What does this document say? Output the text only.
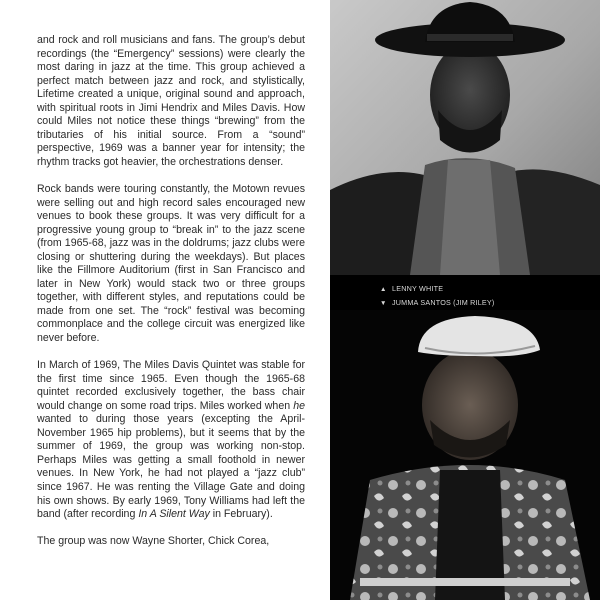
and rock and roll musicians and fans. The group’s debut recordings (the “Emergency” sessions) were clearly the most daring in jazz at the time. This group achieved a perfect match between jazz and rock, and stylistically, Lifetime created a unique, original sound and approach, with spiritual roots in Jimi Hendrix and Miles Davis. How could Miles not notice these things “brewing” from the tributaries of his initial source. From a “sound” perspective, 1969 was a banner year for intensity; the rhythm tracks got heavier, the orchestrations denser.

Rock bands were touring constantly, the Motown revues were selling out and high record sales encouraged new venues to book these groups. It was very difficult for a progressive young group to “break in” to the jazz scene (from 1965-68, jazz was in the doldrums; jazz clubs were closing or shuttering during the weekdays). But places like the Fillmore Auditorium (first in San Francisco and later in New York) would stack two or three groups together, with different styles, and reputations could be made from one set. The “rock” festival was becoming commonplace and the college circuit was energized like never before.

In March of 1969, The Miles Davis Quintet was stable for the first time since 1965. Even though the 1965-68 quintet recorded exclusively together, the bass chair would change on some road trips. Miles worked when he wanted to during those years (excepting the April-November 1965 hip problems), but it seems that by the summer of 1969, the group was working non-stop. Perhaps Miles was getting a small foothold in newer venues. In New York, he had not played a “jazz club” since 1967. He was renting the Village Gate and doing his own shows. By early 1969, Tony Williams had left the band (after recording In A Silent Way in February).

The group was now Wayne Shorter, Chick Corea,

▲ LENNY WHITE
▼ JUMMA SANTOS (JIM RILEY)
